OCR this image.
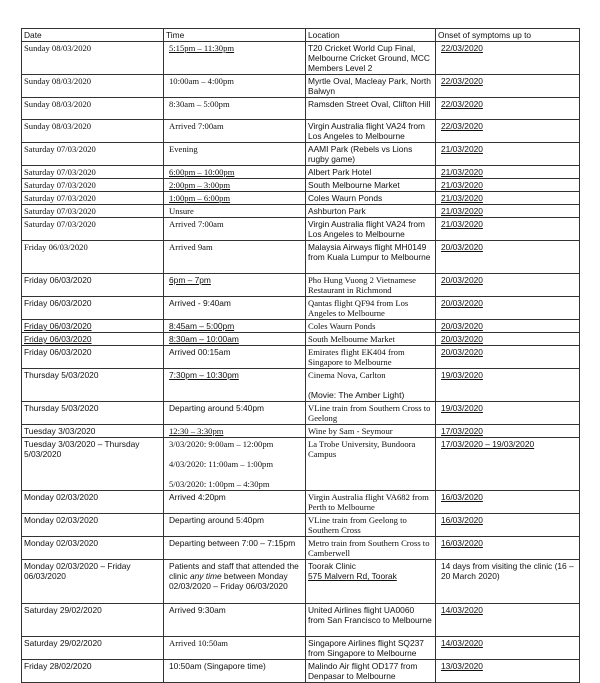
Date	Time	Location	Onset of symptoms up to
Sunday 08/03/2020	5:15pm – 11:30pm	T20 Cricket World Cup Final, Melbourne Cricket Ground, MCC Members Level 2	22/03/2020
Sunday 08/03/2020	10:00am – 4:00pm	Myrtle Oval, Macleay Park, North Balwyn	22/03/2020
Sunday 08/03/2020	8:30am – 5:00pm	Ramsden Street Oval, Clifton Hill	22/03/2020
Sunday 08/03/2020	Arrived 7:00am	Virgin Australia flight VA24 from Los Angeles to Melbourne	22/03/2020
Saturday 07/03/2020	Evening	AAMI Park (Rebels vs Lions rugby game)	21/03/2020
Saturday 07/03/2020	6:00pm – 10:00pm	Albert Park Hotel	21/03/2020
Saturday 07/03/2020	2:00pm – 3:00pm	South Melbourne Market	21/03/2020
Saturday 07/03/2020	1:00pm – 6:00pm	Coles Waurn Ponds	21/03/2020
Saturday 07/03/2020	Unsure	Ashburton Park	21/03/2020
Saturday 07/03/2020	Arrived 7:00am	Virgin Australia flight VA24 from Los Angeles to Melbourne	21/03/2020
Friday 06/03/2020	Arrived 9am	Malaysia Airways flight MH0149 from Kuala Lumpur to Melbourne	20/03/2020
Friday 06/03/2020	6pm – 7pm	Pho Hung Vuong 2 Vietnamese Restaurant in Richmond	20/03/2020
Friday 06/03/2020	Arrived - 9:40am	Qantas flight QF94 from Los Angeles to Melbourne	20/03/2020
Friday 06/03/2020	8:45am – 5:00pm	Coles Waurn Ponds	20/03/2020
Friday 06/03/2020	8:30am – 10:00am	South Melbourne Market	20/03/2020
Friday 06/03/2020	Arrived 00:15am	Emirates flight EK404 from Singapore to Melbourne	20/03/2020
Thursday 5/03/2020	7:30pm – 10:30pm	Cinema Nova, Carlton
(Movie: The Amber Light)	19/03/2020
Thursday 5/03/2020	Departing around 5:40pm	VLine train from Southern Cross to Geelong	19/03/2020
Tuesday 3/03/2020	12:30 – 3:30pm	Wine by Sam - Seymour	17/03/2020
Tuesday 3/03/2020 – Thursday 5/03/2020	3/03/2020: 9:00am – 12:00pm
4/03/2020: 11:00am – 1:00pm
5/03/2020: 1:00pm – 4:30pm	La Trobe University, Bundoora Campus	17/03/2020 – 19/03/2020
Monday 02/03/2020	Arrived 4:20pm	Virgin Australia flight VA682 from Perth to Melbourne	16/03/2020
Monday 02/03/2020	Departing around 5:40pm	VLine train from Geelong to Southern Cross	16/03/2020
Monday 02/03/2020	Departing between 7:00 – 7:15pm	Metro train from Southern Cross to Camberwell	16/03/2020
Monday 02/03/2020 – Friday 06/03/2020	Patients and staff that attended the clinic any time between Monday 02/03/2020 – Friday 06/03/2020	Toorak Clinic
575 Malvern Rd, Toorak	14 days from visiting the clinic (16 – 20 March 2020)
Saturday 29/02/2020	Arrived 9:30am	United Airlines flight UA0060 from San Francisco to Melbourne	14/03/2020
Saturday 29/02/2020	Arrived 10:50am	Singapore Airlines flight SQ237 from Singapore to Melbourne	14/03/2020
Friday 28/02/2020	10:50am (Singapore time)	Malindo Air flight OD177 from Denpasar to Melbourne	13/03/2020
